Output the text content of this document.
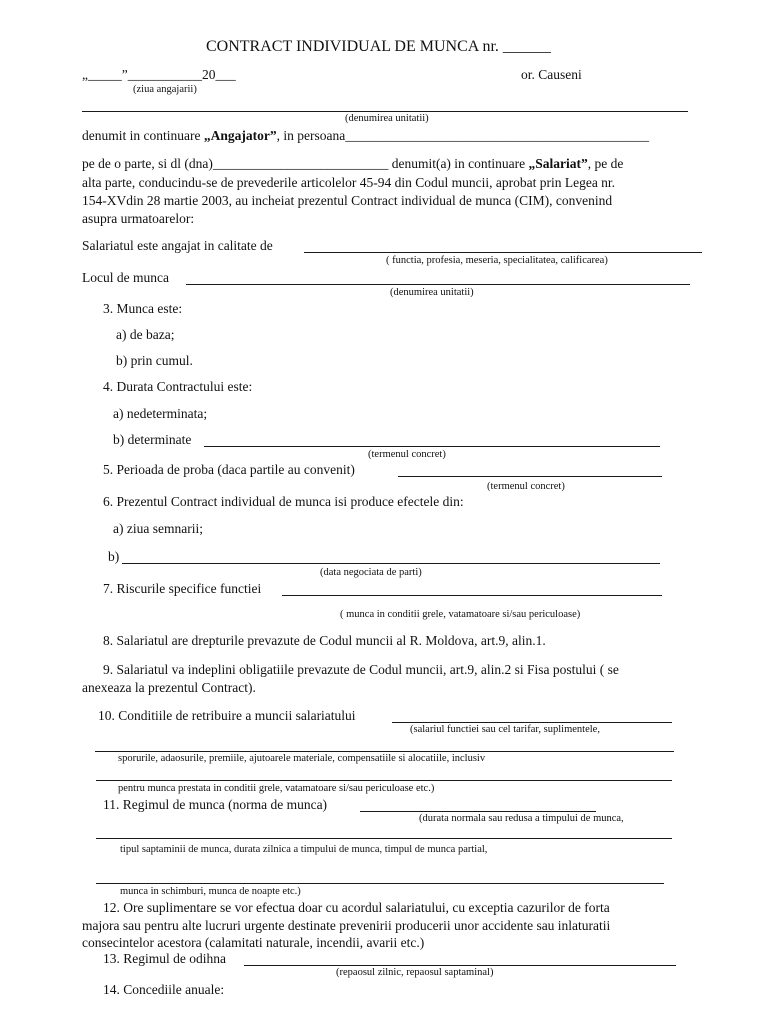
CONTRACT INDIVIDUAL DE MUNCA nr. ______
„_____”___________20___
(ziua angajarii)
or. Causeni
(denumirea unitatii)
denumit in continuare „Angajator”, in persoana_____________________________________________
pe de o parte, si dl (dna)__________________________ denumit(a) in continuare „Salariat”, pe de
alta parte, conducindu-se de prevederile articolelor 45-94 din Codul muncii, aprobat prin Legea nr.
154-XVdin 28 martie 2003, au incheiat prezentul Contract individual de munca (CIM), convenind
asupra urmatoarelor:
Salariatul este angajat in calitate de
( functia, profesia, meseria, specialitatea, calificarea)
Locul de munca
(denumirea unitatii)
3. Munca este:
a) de baza;
b) prin cumul.
4. Durata Contractului este:
a) nedeterminata;
b) determinate
(termenul concret)
5. Perioada de proba (daca partile au convenit)
(termenul concret)
6. Prezentul Contract individual de munca isi produce efectele din:
a) ziua semnarii;
b)
(data negociata de parti)
7. Riscurile specifice functiei
( munca in conditii grele, vatamatoare si/sau periculoase)
8. Salariatul are drepturile prevazute de Codul muncii al R. Moldova, art.9, alin.1.
9. Salariatul va indeplini obligatiile prevazute de Codul muncii, art.9, alin.2 si Fisa postului ( se
anexeaza la prezentul Contract).
10. Conditiile de retribuire a muncii salariatului
(salariul functiei sau cel tarifar, suplimentele,
sporurile, adaosurile, premiile, ajutoarele materiale, compensatiile si alocatiile, inclusiv
pentru munca prestata in conditii grele, vatamatoare si/sau periculoase etc.)
11. Regimul de munca (norma de munca)
(durata normala sau redusa a timpului de munca,
tipul saptaminii de munca, durata zilnica a timpului de munca, timpul de munca partial,
munca in schimburi, munca de noapte etc.)
12. Ore suplimentare se vor efectua doar cu acordul salariatului, cu exceptia cazurilor de forta
majora sau pentru alte lucruri urgente destinate prevenirii producerii unor accidente sau inlaturatii
consecintelor acestora (calamitati naturale, incendii, avarii etc.)
13. Regimul de odihna
(repaosul zilnic, repaosul saptaminal)
14. Concediile anuale:
